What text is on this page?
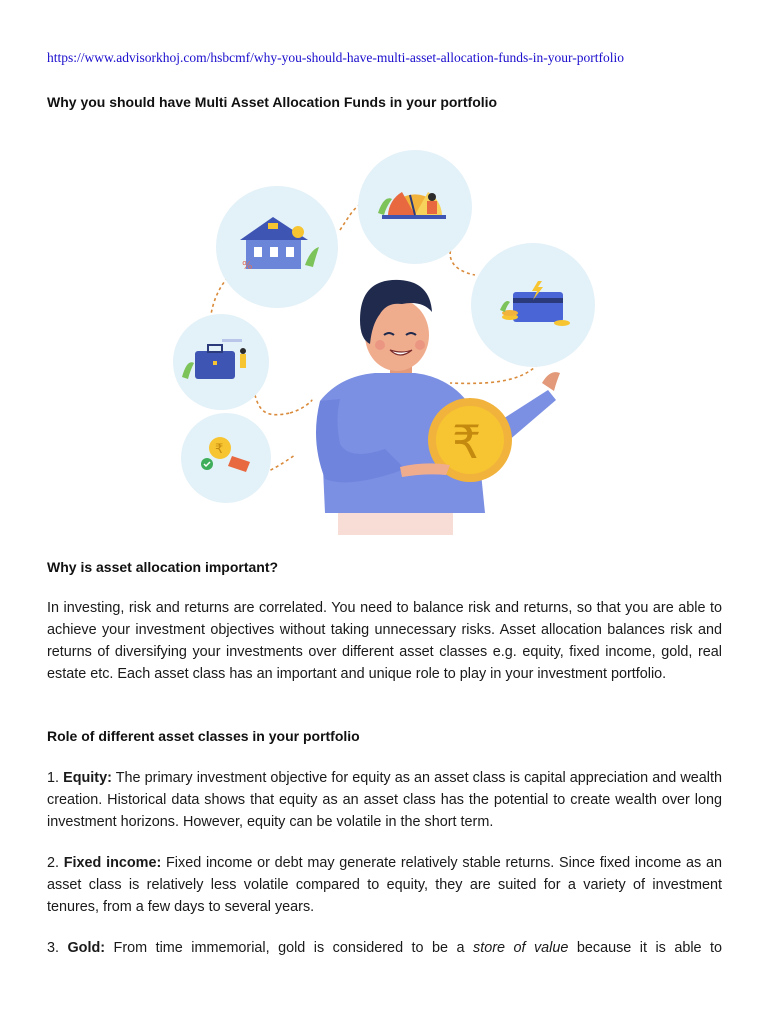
https://www.advisorkhoj.com/hsbcmf/why-you-should-have-multi-asset-allocation-funds-in-your-portfolio
Why you should have Multi Asset Allocation Funds in your portfolio
%
₹	₹
Why is asset allocation important?
In investing, risk and returns are correlated. You need to balance risk and returns, so that you are able to achieve your investment objectives without taking unnecessary risks. Asset allocation balances risk and returns of diversifying your investments over different asset classes e.g. equity, fixed income, gold, real estate etc. Each asset class has an important and unique role to play in your investment portfolio.
Role of different asset classes in your portfolio
1. Equity: The primary investment objective for equity as an asset class is capital appreciation and wealth creation. Historical data shows that equity as an asset class has the potential to create wealth over long investment horizons. However, equity can be volatile in the short term.
2. Fixed income: Fixed income or debt may generate relatively stable returns. Since fixed income as an asset class is relatively less volatile compared to equity, they are suited for a variety of investment tenures, from a few days to several years.
3. Gold: From time immemorial, gold is considered to be a store of value because it is able to
